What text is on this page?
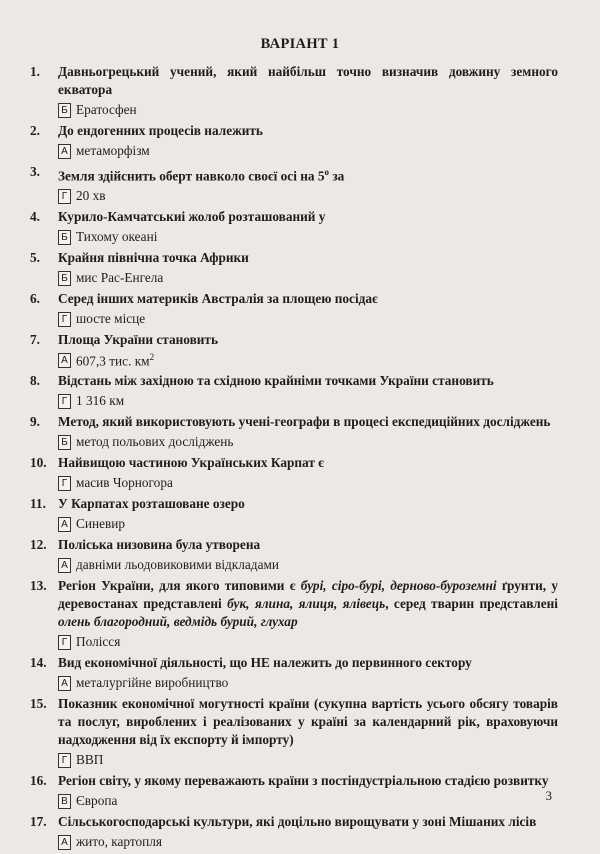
ВАРІАНТ 1
1.	Давньогрецький учений, який найбільш точно визначив довжину земного екватора
Б Ератосфен
2.	До ендогенних процесів належить
А метаморфізм
3.	Земля здійснить оберт навколо своєї осі на 5$^o$ за
Г 20 хв
4.	Курило-Камчатськиі жолоб розташований у
Б Тихому океані
5.	Крайня північна точка Африки
Б мис Рас-Енгела
6.	Серед інших материків Австралія за площею посідає
Г шосте місце
7.	Площа України становить
А 607,3 тис. $км^2$
8.	Відстань між західною та східною крайніми точками України становить
Г 1 316 км
9.	Метод, який використовують учені-географи в процесі експедиційних досліджень
Б метод польових досліджень
10. Найвищою частиною Українських Карпат є
Г масив Чорногора
11. У Карпатах розташоване озеро
А Синевир
12. Поліська низовина була утворена
А давніми льодовиковими відкладами
13. Регіон України, для якого типовими є бурі, сіро-бурі, дерново-буроземні ґрунти, у деревостанах представлені бук, ялина, ялиця, ялівець, серед тварин представлені олень благородний, ведмідь бурий, глухар
Г Полісся
14. Вид економічної діяльності, що НЕ належить до первинного сектору
А металургійне виробництво
15. Показник економічної могутності країни (сукупна вартість усього обсягу товарів та послуг, вироблених і реалізованих у країні за календарний рік, враховуючи надходження від їх експорту й імпорту)
Г ВВП
16. Регіон світу, у якому переважають країни з постіндустріальною стадією розвитку
В Європа
17. Сільськогосподарські культури, які доцільно вирощувати у зоні Мішаних лісів
А жито, картопля
3
